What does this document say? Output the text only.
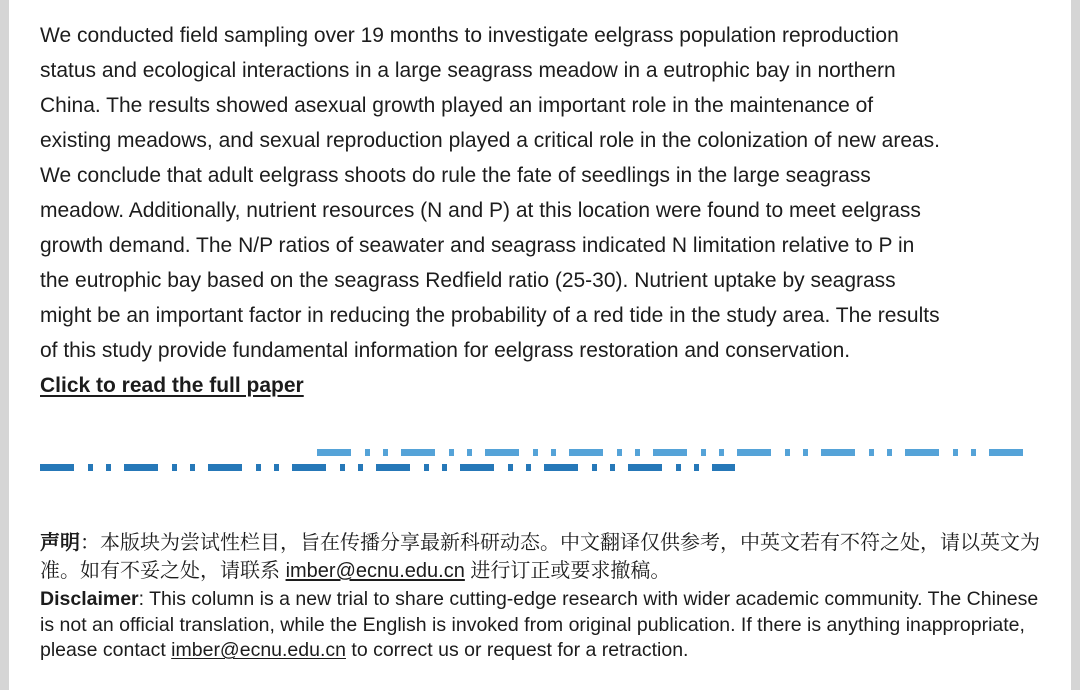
We conducted field sampling over 19 months to investigate eelgrass population reproduction
status and ecological interactions in a large seagrass meadow in a eutrophic bay in northern
China. The results showed asexual growth played an important role in the maintenance of
existing meadows, and sexual reproduction played a critical role in the colonization of new areas.
We conclude that adult eelgrass shoots do rule the fate of seedlings in the large seagrass
meadow. Additionally, nutrient resources (N and P) at this location were found to meet eelgrass
growth demand. The N/P ratios of seawater and seagrass indicated N limitation relative to P in
the eutrophic bay based on the seagrass Redfield ratio (25-30). Nutrient uptake by seagrass
might be an important factor in reducing the probability of a red tide in the study area. The results
of this study provide fundamental information for eelgrass restoration and conservation.
Click to read the full paper

声明：本版块为尝试性栏目，旨在传播分享最新科研动态。中文翻译仅供参考，中英文若有不符之处，请以英文为准。如有不妥之处，请联系 imber@ecnu.edu.cn 进行订正或要求撤稿。

Disclaimer: This column is a new trial to share cutting-edge research with wider academic community. The Chinese is not an official translation, while the English is invoked from original publication. If there is anything inappropriate, please contact imber@ecnu.edu.cn to correct us or request for a retraction.
